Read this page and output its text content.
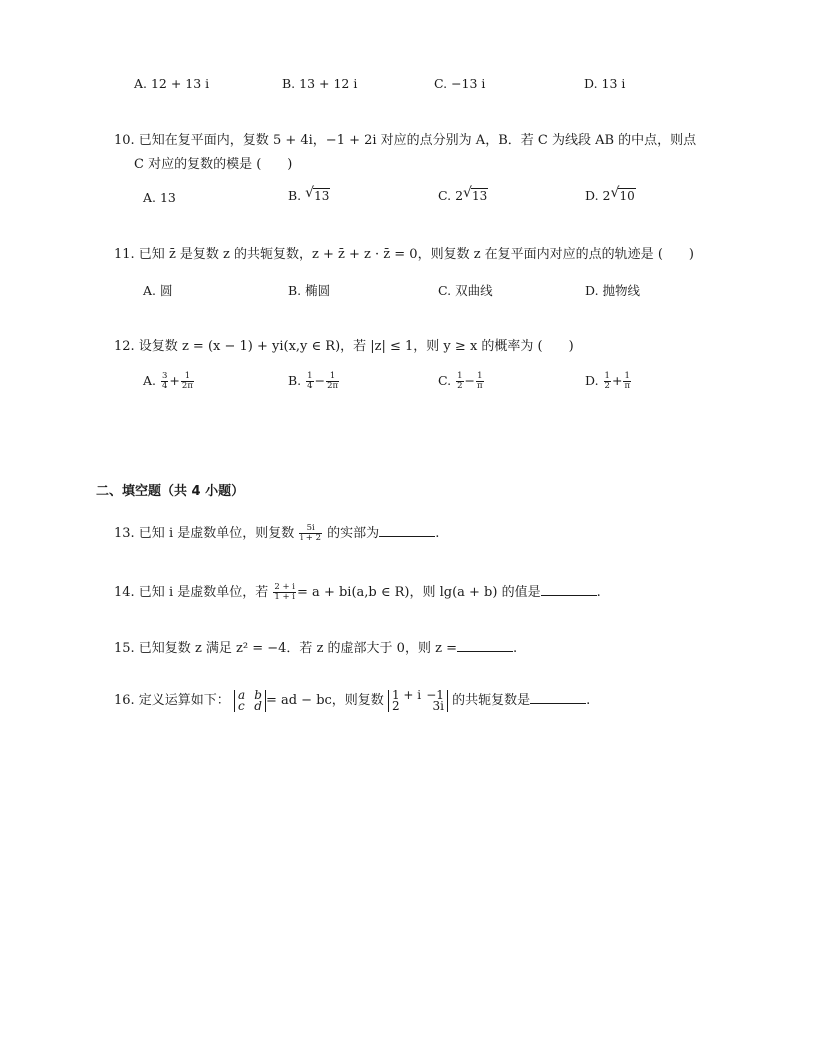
A. 12 + 13 i	B. 13 + 12 i	C. −13 i	D. 13 i
10. 已知在复平面内，复数 5 + 4i，−1 + 2i 对应的点分别为 A，B．若 C 为线段 AB 的中点，则点
C 对应的复数的模是 (　　)
A. 13	B. √ 13	C. 2 √ 13	D. 2 √ 10
11. 已知 z̄ 是复数 z 的共轭复数，z + z̄ + z · z̄ = 0，则复数 z 在复平面内对应的点的轨迹是 (　　)
A. 圆	B. 椭圆	C. 双曲线	D. 抛物线
12. 设复数 z = (x − 1) + yi(x,y ∈ R)，若 |z| ≤ 1，则 y ≥ x 的概率为 (　　)
A. $\frac{3}{4} + \frac{1}{2\pi}$	B. $\frac{1}{4} - \frac{1}{2\pi}$	C. $\frac{1}{2} - \frac{1}{\pi}$	D. $\frac{1}{2} + \frac{1}{\pi}$
二、填空题（共 4 小题）
13. 已知 i 是虚数单位，则复数 $\frac{5i}{i + 2}$ 的实部为	.
14. 已知 i 是虚数单位，若 $\frac{2 + i}{1 + i} = a + bi(a,b$ ∈ R)，则 lg(a + b) 的值是	.
15. 已知复数 z 满足 z² = −4．若 z 的虚部大于 0，则 z =	.
16. 定义运算如下： a b
c d = ad − bc，则复数 1 + i −1
2	3i 的共轭复数是	.
